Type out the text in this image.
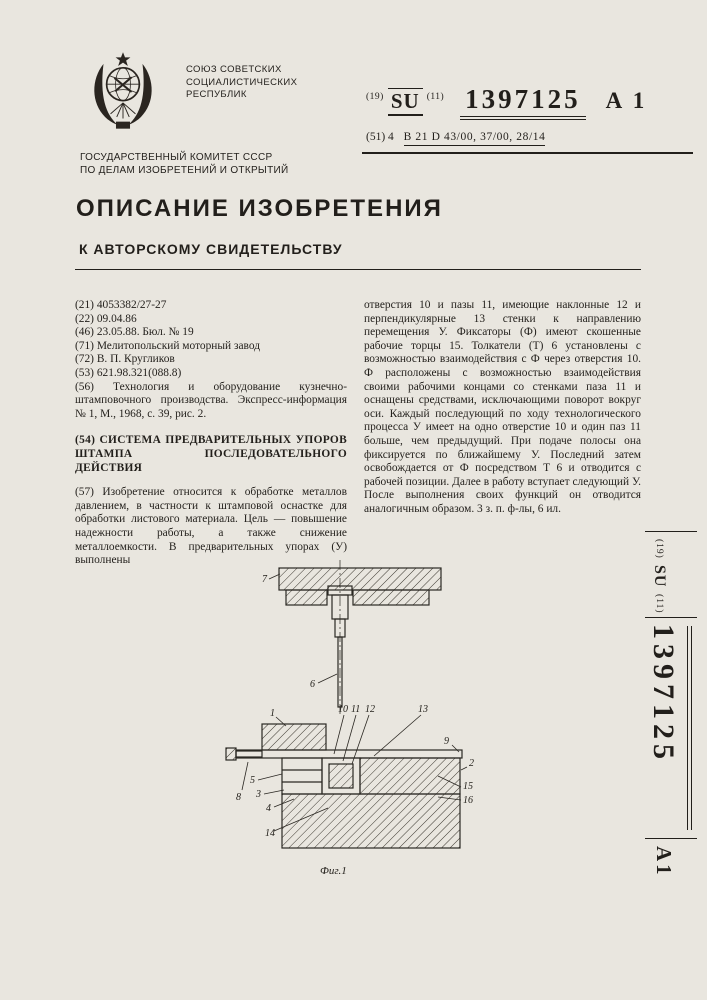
СОЮЗ СОВЕТСКИХ
СОЦИАЛИСТИЧЕСКИХ
РЕСПУБЛИК
ГОСУДАРСТВЕННЫЙ КОМИТЕТ СССР
ПО ДЕЛАМ ИЗОБРЕТЕНИЙ И ОТКРЫТИЙ
$^{(19)}$ SU $^{(11)}$ 1397125 A 1
(51) 4 B 21 D 43/00, 37/00, 28/14
ОПИСАНИЕ ИЗОБРЕТЕНИЯ
К АВТОРСКОМУ СВИДЕТЕЛЬСТВУ

(21) 4053382/27-27

(22) 09.04.86

(46) 23.05.88. Бюл. № 19

(71) Мелитопольский моторный завод

(72) В. П. Кругликов

(53) 621.98.321(088.8)

(56) Технология и оборудование кузнечно-штамповочного производства. Экспресс-информация № 1, М., 1968, с. 39, рис. 2.

(54) СИСТЕМА ПРЕДВАРИТЕЛЬНЫХ УПОРОВ ШТАМПА ПОСЛЕДОВАТЕЛЬНОГО ДЕЙСТВИЯ

(57) Изобретение относится к обработке металлов давлением, в частности к штамповой оснастке для обработки листового материала. Цель — повышение надежности работы, а также снижение металлоемкости. В предварительных упорах (У) выполнены

отверстия 10 и пазы 11, имеющие наклонные 12 и перпендикулярные 13 стенки к направлению перемещения У. Фиксаторы (Ф) имеют скошенные рабочие торцы 15. Толкатели (Т) 6 установлены с возможностью взаимодействия с Ф через отверстия 10. Ф расположены с возможностью взаимодействия своими рабочими концами со стенками паза 11 и оснащены средствами, исключающими поворот вокруг оси. Каждый последующий по ходу технологического процесса У имеет на одно отверстие 10 и один паз 11 больше, чем предыдущий. При подаче полосы она фиксируется по ближайшему У. Последний затем освобождается от Ф посредством Т 6 и отводится с рабочей позиции. Далее в работу вступает следующий У. После выполнения своих функций он отводится аналогичным образом. 3 з. п. ф-лы, 6 ил.

7
6
1	10 11 12	13
9
8
5
3
4
14
15
16
2
Фиг.1
(19) SU (11)
1397125
A1
